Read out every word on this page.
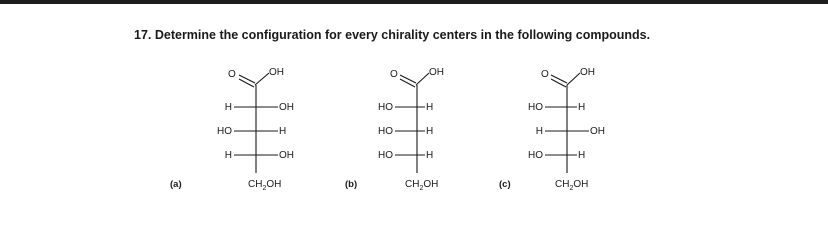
17. Determine the configuration for every chirality centers in the following compounds.
(a)
O	OH
H	OH
HO	H
H	OH
$CH_2OH$	(b)
O	OH
HO	H
HO	H
HO	H
$CH_2OH$	(c)
O	OH
HO	H
H	OH
HO	H
$CH_2OH$
